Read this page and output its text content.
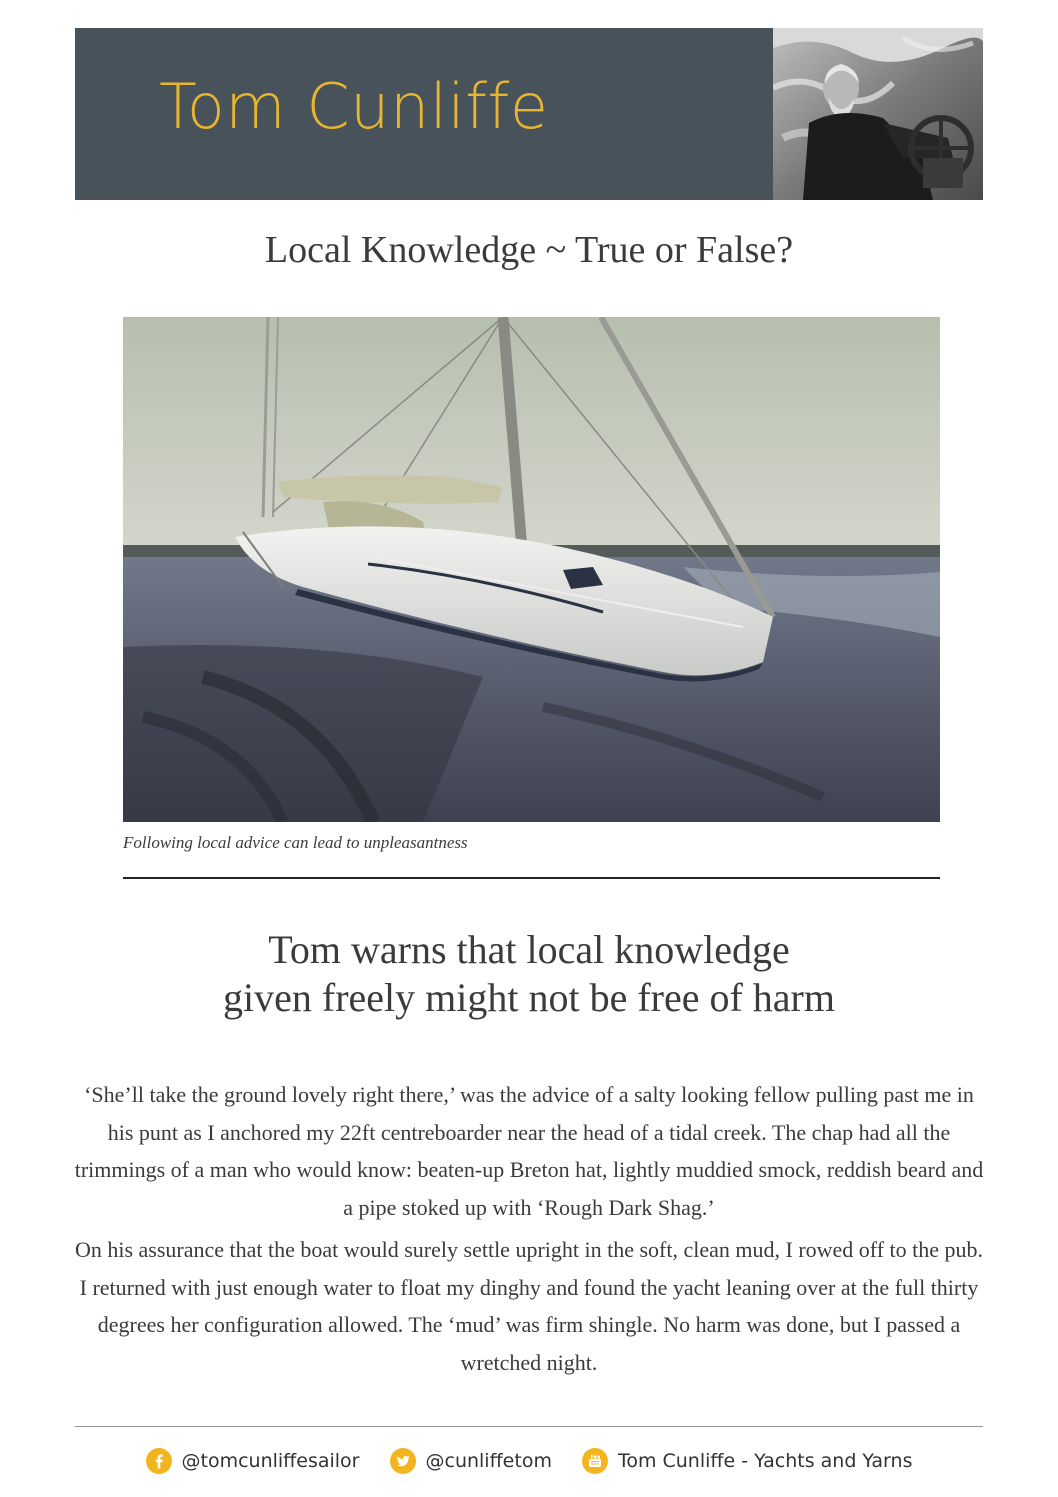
Tom Cunliffe
Local Knowledge ~ True or False?
Following local advice can lead to unpleasantness
Tom warns that local knowledge
given freely might not be free of harm

‘She’ll take the ground lovely right there,’ was the advice of a salty looking fellow pulling past me in his punt as I anchored my 22ft centreboarder near the head of a tidal creek. The chap had all the trimmings of a man who would know: beaten-up Breton hat, lightly muddied smock, reddish beard and a pipe stoked up with ‘Rough Dark Shag.’

On his assurance that the boat would surely settle upright in the soft, clean mud, I rowed off to the pub. I returned with just enough water to float my dinghy and found the yacht leaning over at the full thirty degrees her configuration allowed. The ‘mud’ was firm shingle. No harm was done, but I passed a wretched night.

@tomcunliffesailor	@cunliffetom	Tom Cunliffe - Yachts and Yarns
